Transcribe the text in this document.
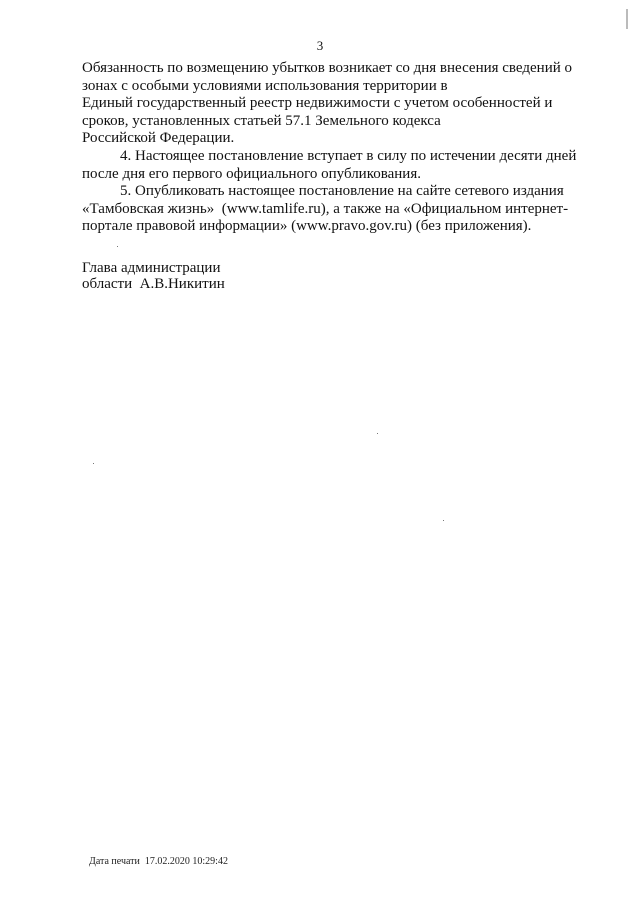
3
Обязанность по возмещению убытков возникает со дня внесения сведений о
зонах с особыми условиями использования территории в
Единый государственный реестр недвижимости с учетом особенностей и
сроков, установленных статьей 57.1 Земельного кодекса
Российской Федерации.
4. Настоящее постановление вступает в силу по истечении десяти дней
после дня его первого официального опубликования.
5. Опубликовать настоящее постановление на сайте сетевого издания
«Тамбовская жизнь»  (www.tamlife.ru), а также на «Официальном интернет-
портале правовой информации» (www.pravo.gov.ru) (без приложения).
Глава администрации
области  А.В.Никитин
Дата печати  17.02.2020 10:29:42
